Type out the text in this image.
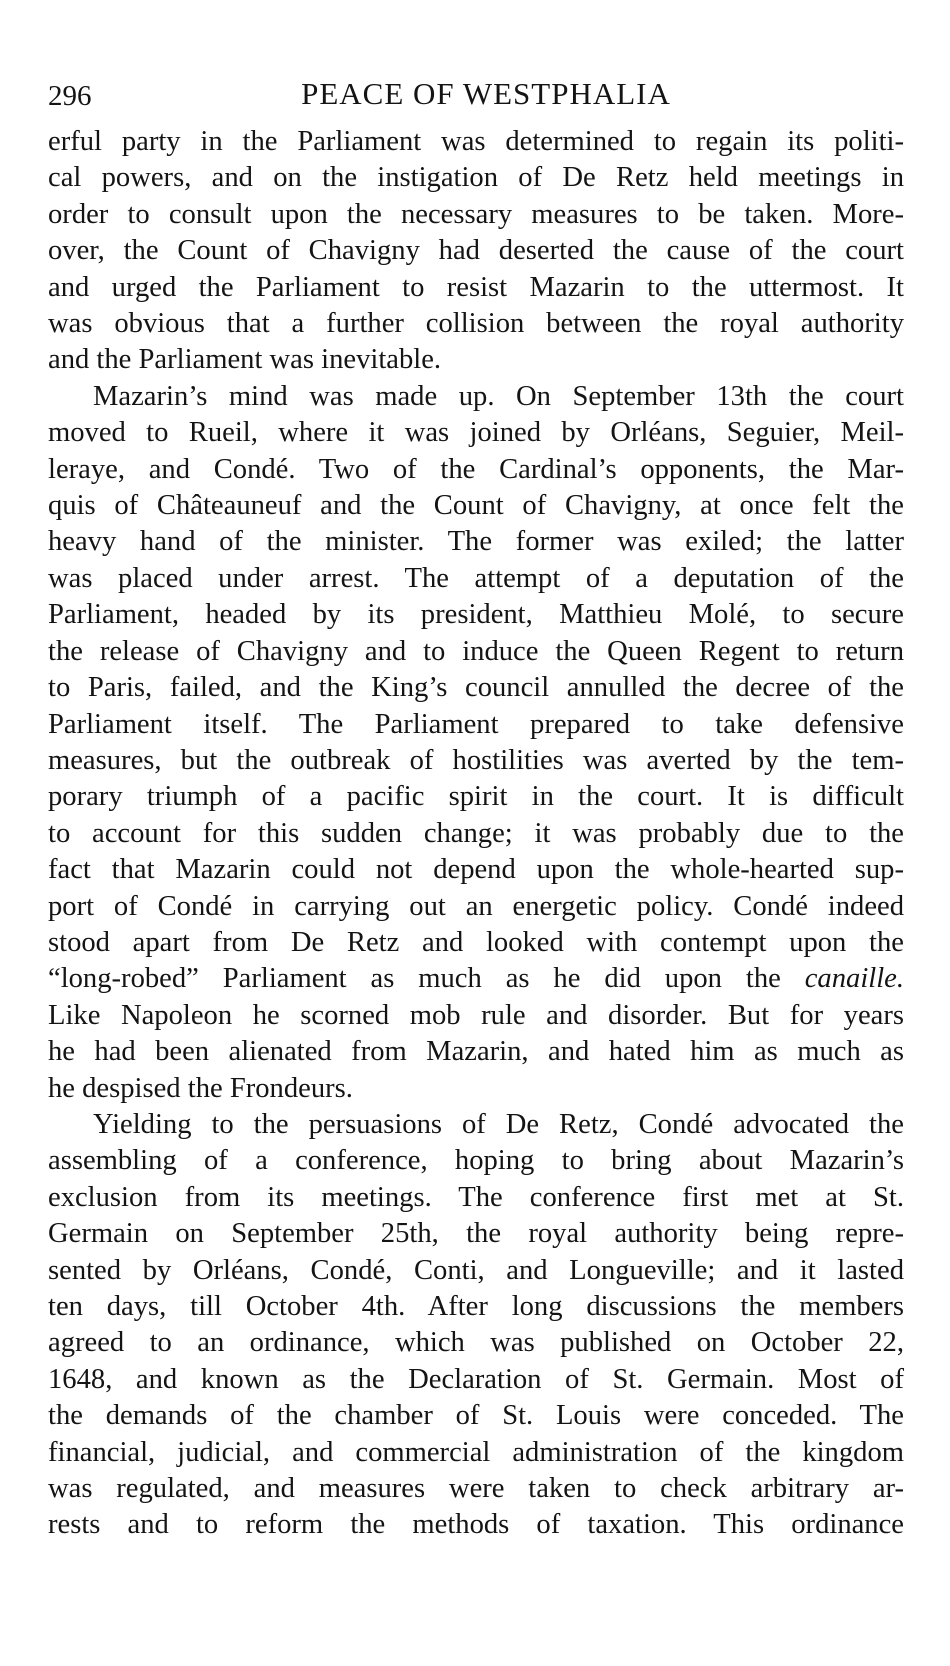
296	PEACE OF WESTPHALIA

erful party in the Parliament was determined to regain its politi-
cal powers, and on the instigation of De Retz held meetings in
order to consult upon the necessary measures to be taken. More-
over, the Count of Chavigny had deserted the cause of the court
and urged the Parliament to resist Mazarin to the uttermost. It
was obvious that a further collision between the royal authority
and the Parliament was inevitable.

Mazarin’s mind was made up. On September 13th the court
moved to Rueil, where it was joined by Orléans, Seguier, Meil-
leraye, and Condé. Two of the Cardinal’s opponents, the Mar-
quis of Châteauneuf and the Count of Chavigny, at once felt the
heavy hand of the minister. The former was exiled; the latter
was placed under arrest. The attempt of a deputation of the
Parliament, headed by its president, Matthieu Molé, to secure
the release of Chavigny and to induce the Queen Regent to return
to Paris, failed, and the King’s council annulled the decree of the
Parliament itself. The Parliament prepared to take defensive
measures, but the outbreak of hostilities was averted by the tem-
porary triumph of a pacific spirit in the court. It is difficult
to account for this sudden change; it was probably due to the
fact that Mazarin could not depend upon the whole-hearted sup-
port of Condé in carrying out an energetic policy. Condé indeed
stood apart from De Retz and looked with contempt upon the
“long-robed” Parliament as much as he did upon the canaille.
Like Napoleon he scorned mob rule and disorder. But for years
he had been alienated from Mazarin, and hated him as much as
he despised the Frondeurs.

Yielding to the persuasions of De Retz, Condé advocated the
assembling of a conference, hoping to bring about Mazarin’s
exclusion from its meetings. The conference first met at St.
Germain on September 25th, the royal authority being repre-
sented by Orléans, Condé, Conti, and Longueville; and it lasted
ten days, till October 4th. After long discussions the members
agreed to an ordinance, which was published on October 22,
1648, and known as the Declaration of St. Germain. Most of
the demands of the chamber of St. Louis were conceded. The
financial, judicial, and commercial administration of the kingdom
was regulated, and measures were taken to check arbitrary ar-
rests and to reform the methods of taxation. This ordinance
